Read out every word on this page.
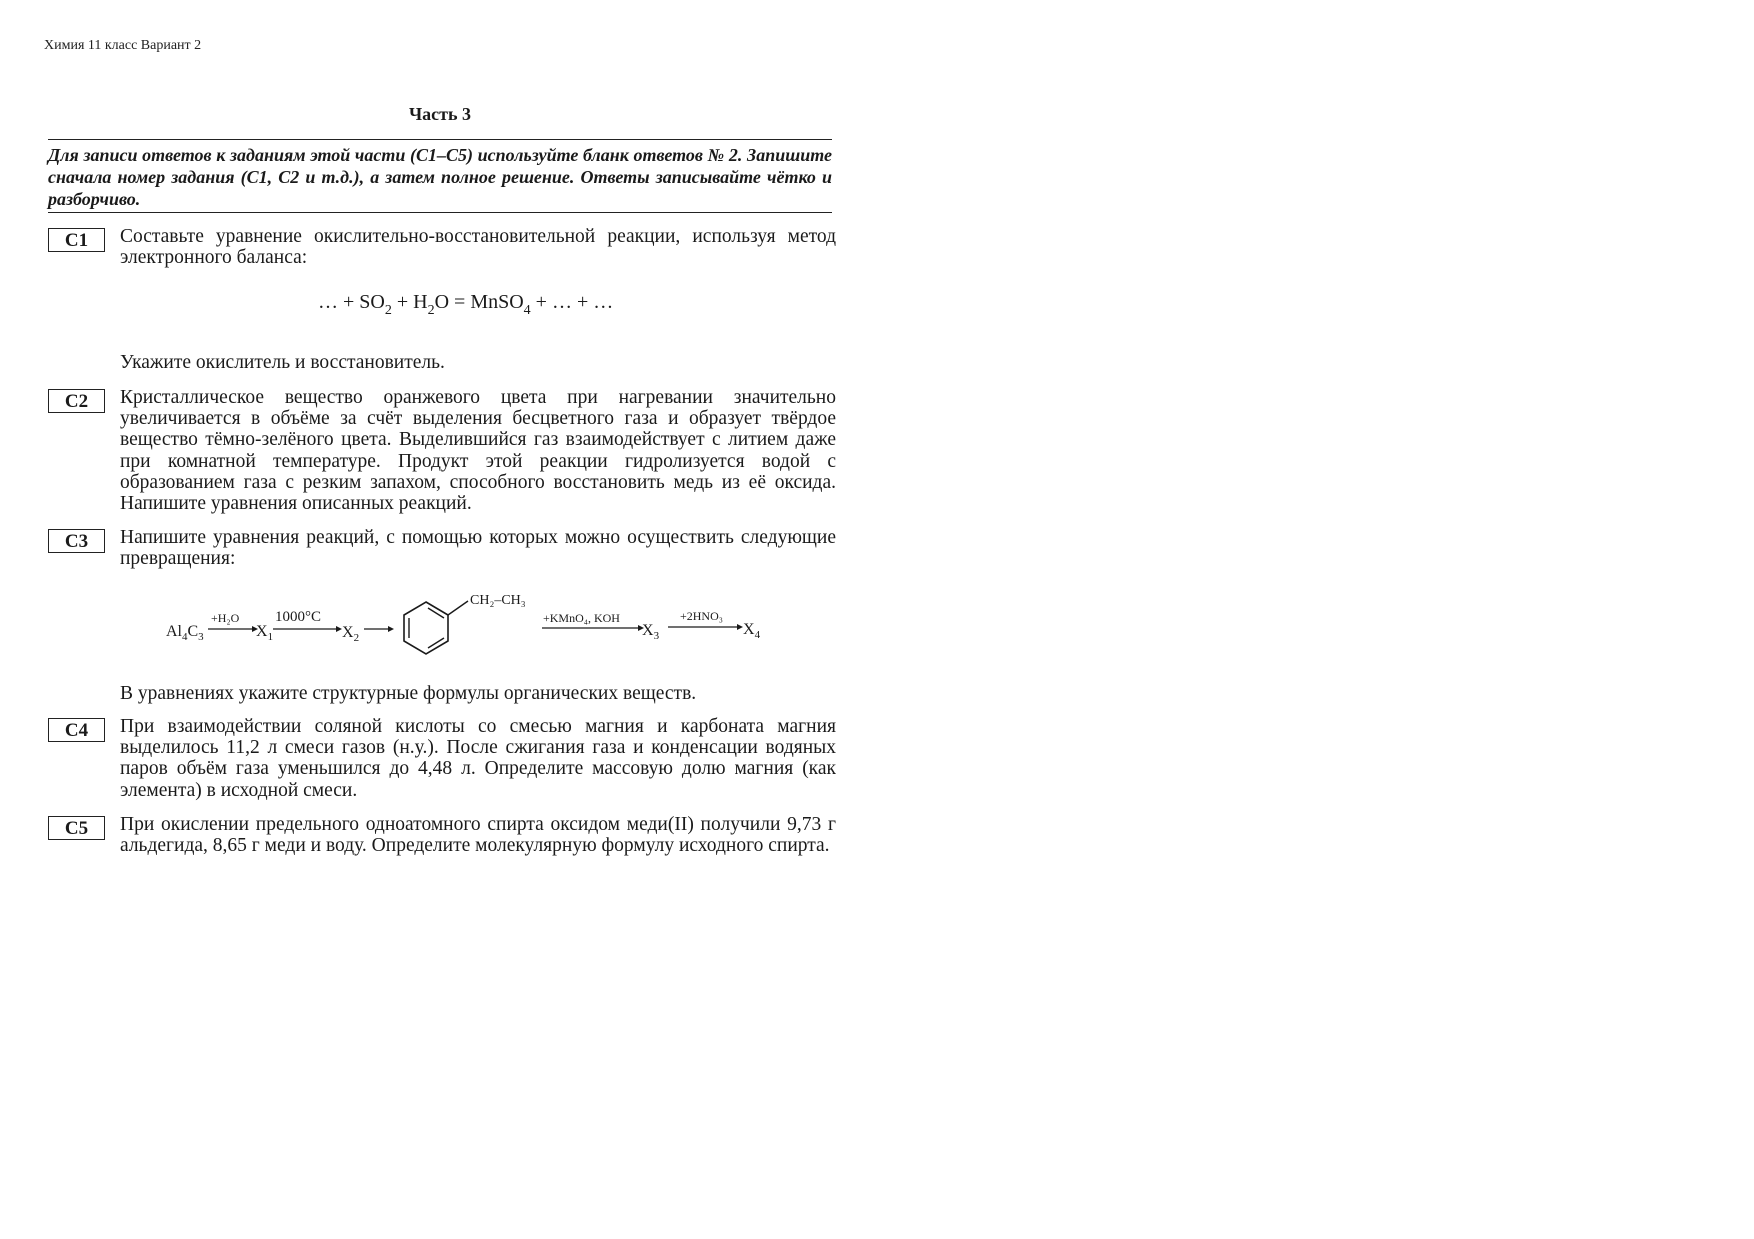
Химия 11 класс Вариант 2
Часть 3
Для записи ответов к заданиям этой части (С1–С5) используйте бланк ответов № 2. Запишите сначала номер задания (С1, С2 и т.д.), а затем полное решение. Ответы записывайте чётко и разборчиво.
С1	Составьте уравнение окислительно-восстановительной реакции, используя метод электронного баланса:
… + $SO_2 + H_2O$ = MnSO$_4$ + … + …
Укажите окислитель и восстановитель.
С2	Кристаллическое вещество оранжевого цвета при нагревании значительно увеличивается в объёме за счёт выделения бесцветного газа и образует твёрдое вещество тёмно-зелёного цвета. Выделившийся газ взаимодействует с литием даже при комнатной температуре. Продукт этой реакции гидролизуется водой с образованием газа с резким запахом, способного восстановить медь из её оксида. Напишите уравнения описанных реакций.
С3	Напишите уравнения реакций, с помощью которых можно осуществить следующие превращения:
$Al_4C_3$
+H₂O
$X_1$
1000°C
$X_2$
CH₂–CH₃
+KMnO₄, KOH
$X_3$
+2HNO₃
$X_4$
В уравнениях укажите структурные формулы органических веществ.
С4	При взаимодействии соляной кислоты со смесью магния и карбоната магния выделилось 11,2 л смеси газов (н.у.). После сжигания газа и конденсации водяных паров объём газа уменьшился до 4,48 л. Определите массовую долю магния (как элемента) в исходной смеси.
С5	При окислении предельного одноатомного спирта оксидом меди(II) получили 9,73 г альдегида, 8,65 г меди и воду. Определите молекулярную формулу исходного спирта.
